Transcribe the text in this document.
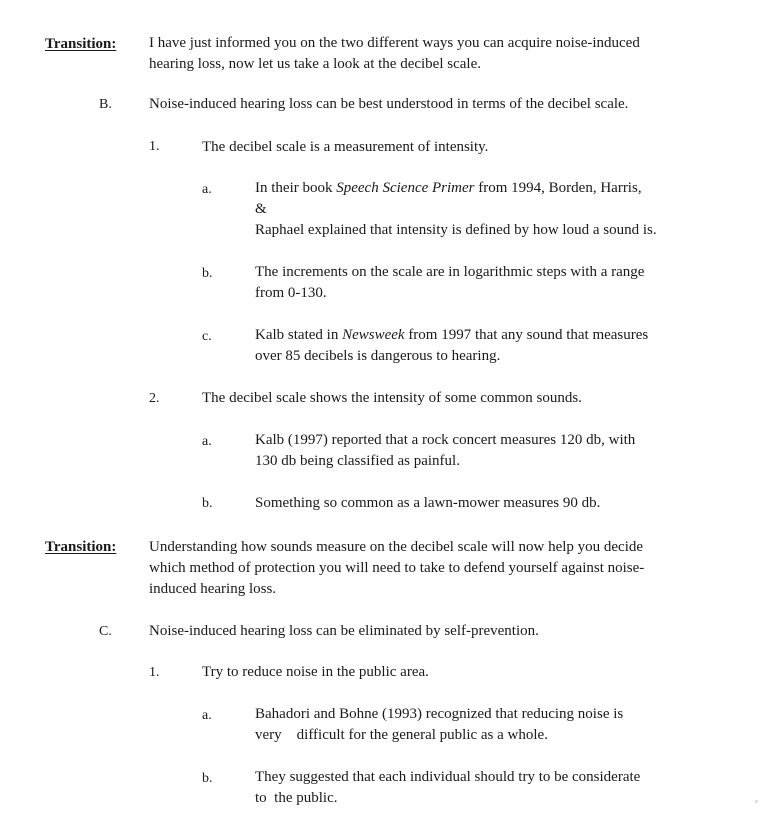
Transition: I have just informed you on the two different ways you can acquire noise-induced
hearing loss, now let us take a look at the decibel scale.
B. Noise-induced hearing loss can be best understood in terms of the decibel scale.
1.	The decibel scale is a measurement of intensity.
a.	In their book Speech Science Primer from 1994, Borden, Harris,
&
Raphael explained that intensity is defined by how loud a sound is.
b.	The increments on the scale are in logarithmic steps with a range
from 0-130.
c.	Kalb stated in Newsweek from 1997 that any sound that measures
over 85 decibels is dangerous to hearing.
2.	The decibel scale shows the intensity of some common sounds.
a.	Kalb (1997) reported that a rock concert measures 120 db, with
130 db being classified as painful.
b.	Something so common as a lawn-mower measures 90 db.
Transition: Understanding how sounds measure on the decibel scale will now help you decide
which method of protection you will need to take to defend yourself against noise-
induced hearing loss.
C. Noise-induced hearing loss can be eliminated by self-prevention.
1.	Try to reduce noise in the public area.
a.	Bahadori and Bohne (1993) recognized that reducing noise is
very    difficult for the general public as a whole.
b.	They suggested that each individual should try to be considerate
to  the public.
